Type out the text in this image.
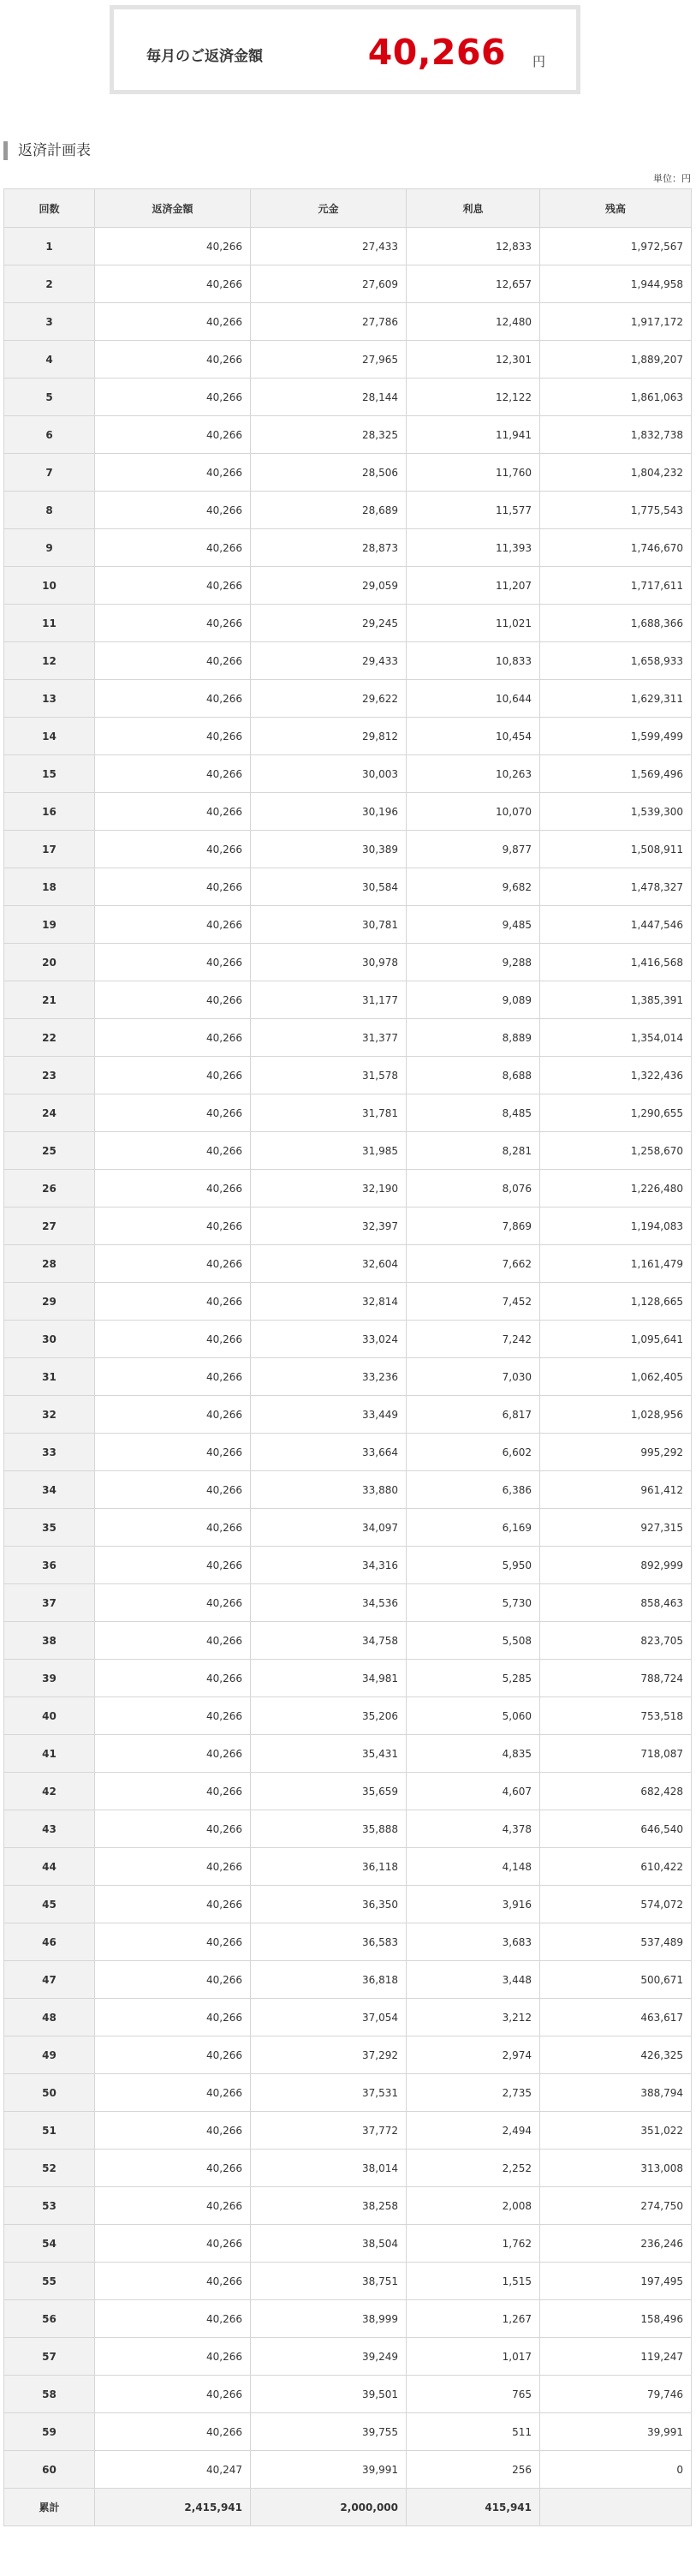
毎月のご返済金額	40,266 円
返済計画表
単位：円
回数	返済金額	元金	利息	残高
1	40,266	27,433	12,833	1,972,567
2	40,266	27,609	12,657	1,944,958
3	40,266	27,786	12,480	1,917,172
4	40,266	27,965	12,301	1,889,207
5	40,266	28,144	12,122	1,861,063
6	40,266	28,325	11,941	1,832,738
7	40,266	28,506	11,760	1,804,232
8	40,266	28,689	11,577	1,775,543
9	40,266	28,873	11,393	1,746,670
10	40,266	29,059	11,207	1,717,611
11	40,266	29,245	11,021	1,688,366
12	40,266	29,433	10,833	1,658,933
13	40,266	29,622	10,644	1,629,311
14	40,266	29,812	10,454	1,599,499
15	40,266	30,003	10,263	1,569,496
16	40,266	30,196	10,070	1,539,300
17	40,266	30,389	9,877	1,508,911
18	40,266	30,584	9,682	1,478,327
19	40,266	30,781	9,485	1,447,546
20	40,266	30,978	9,288	1,416,568
21	40,266	31,177	9,089	1,385,391
22	40,266	31,377	8,889	1,354,014
23	40,266	31,578	8,688	1,322,436
24	40,266	31,781	8,485	1,290,655
25	40,266	31,985	8,281	1,258,670
26	40,266	32,190	8,076	1,226,480
27	40,266	32,397	7,869	1,194,083
28	40,266	32,604	7,662	1,161,479
29	40,266	32,814	7,452	1,128,665
30	40,266	33,024	7,242	1,095,641
31	40,266	33,236	7,030	1,062,405
32	40,266	33,449	6,817	1,028,956
33	40,266	33,664	6,602	995,292
34	40,266	33,880	6,386	961,412
35	40,266	34,097	6,169	927,315
36	40,266	34,316	5,950	892,999
37	40,266	34,536	5,730	858,463
38	40,266	34,758	5,508	823,705
39	40,266	34,981	5,285	788,724
40	40,266	35,206	5,060	753,518
41	40,266	35,431	4,835	718,087
42	40,266	35,659	4,607	682,428
43	40,266	35,888	4,378	646,540
44	40,266	36,118	4,148	610,422
45	40,266	36,350	3,916	574,072
46	40,266	36,583	3,683	537,489
47	40,266	36,818	3,448	500,671
48	40,266	37,054	3,212	463,617
49	40,266	37,292	2,974	426,325
50	40,266	37,531	2,735	388,794
51	40,266	37,772	2,494	351,022
52	40,266	38,014	2,252	313,008
53	40,266	38,258	2,008	274,750
54	40,266	38,504	1,762	236,246
55	40,266	38,751	1,515	197,495
56	40,266	38,999	1,267	158,496
57	40,266	39,249	1,017	119,247
58	40,266	39,501	765	79,746
59	40,266	39,755	511	39,991
60	40,247	39,991	256	0
累計	2,415,941	2,000,000	415,941	
